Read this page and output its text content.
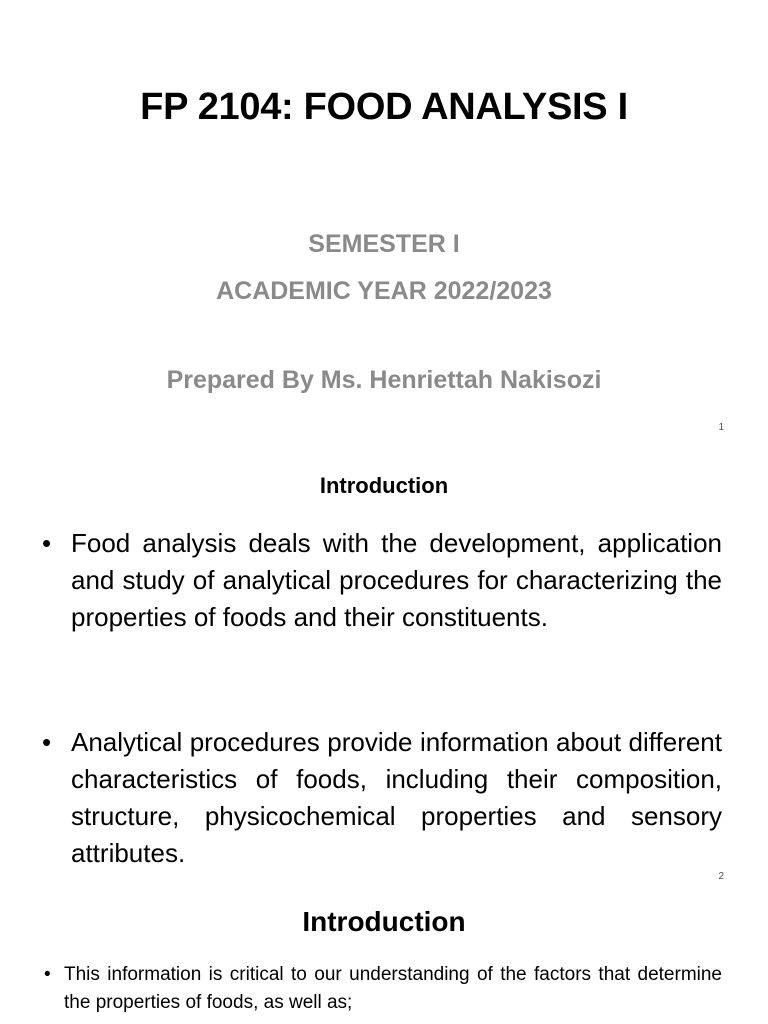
FP 2104: FOOD ANALYSIS I

SEMESTER I

ACADEMIC YEAR 2022/2023

Prepared By Ms. Henriettah Nakisozi

1
Introduction
• Food analysis deals with the development, application and study of analytical procedures for characterizing the properties of foods and their constituents.
• Analytical procedures provide information about different characteristics of foods, including their composition, structure, physicochemical properties and sensory attributes.
2
Introduction
• This information is critical to our understanding of the factors that determine the properties of foods, as well as;
